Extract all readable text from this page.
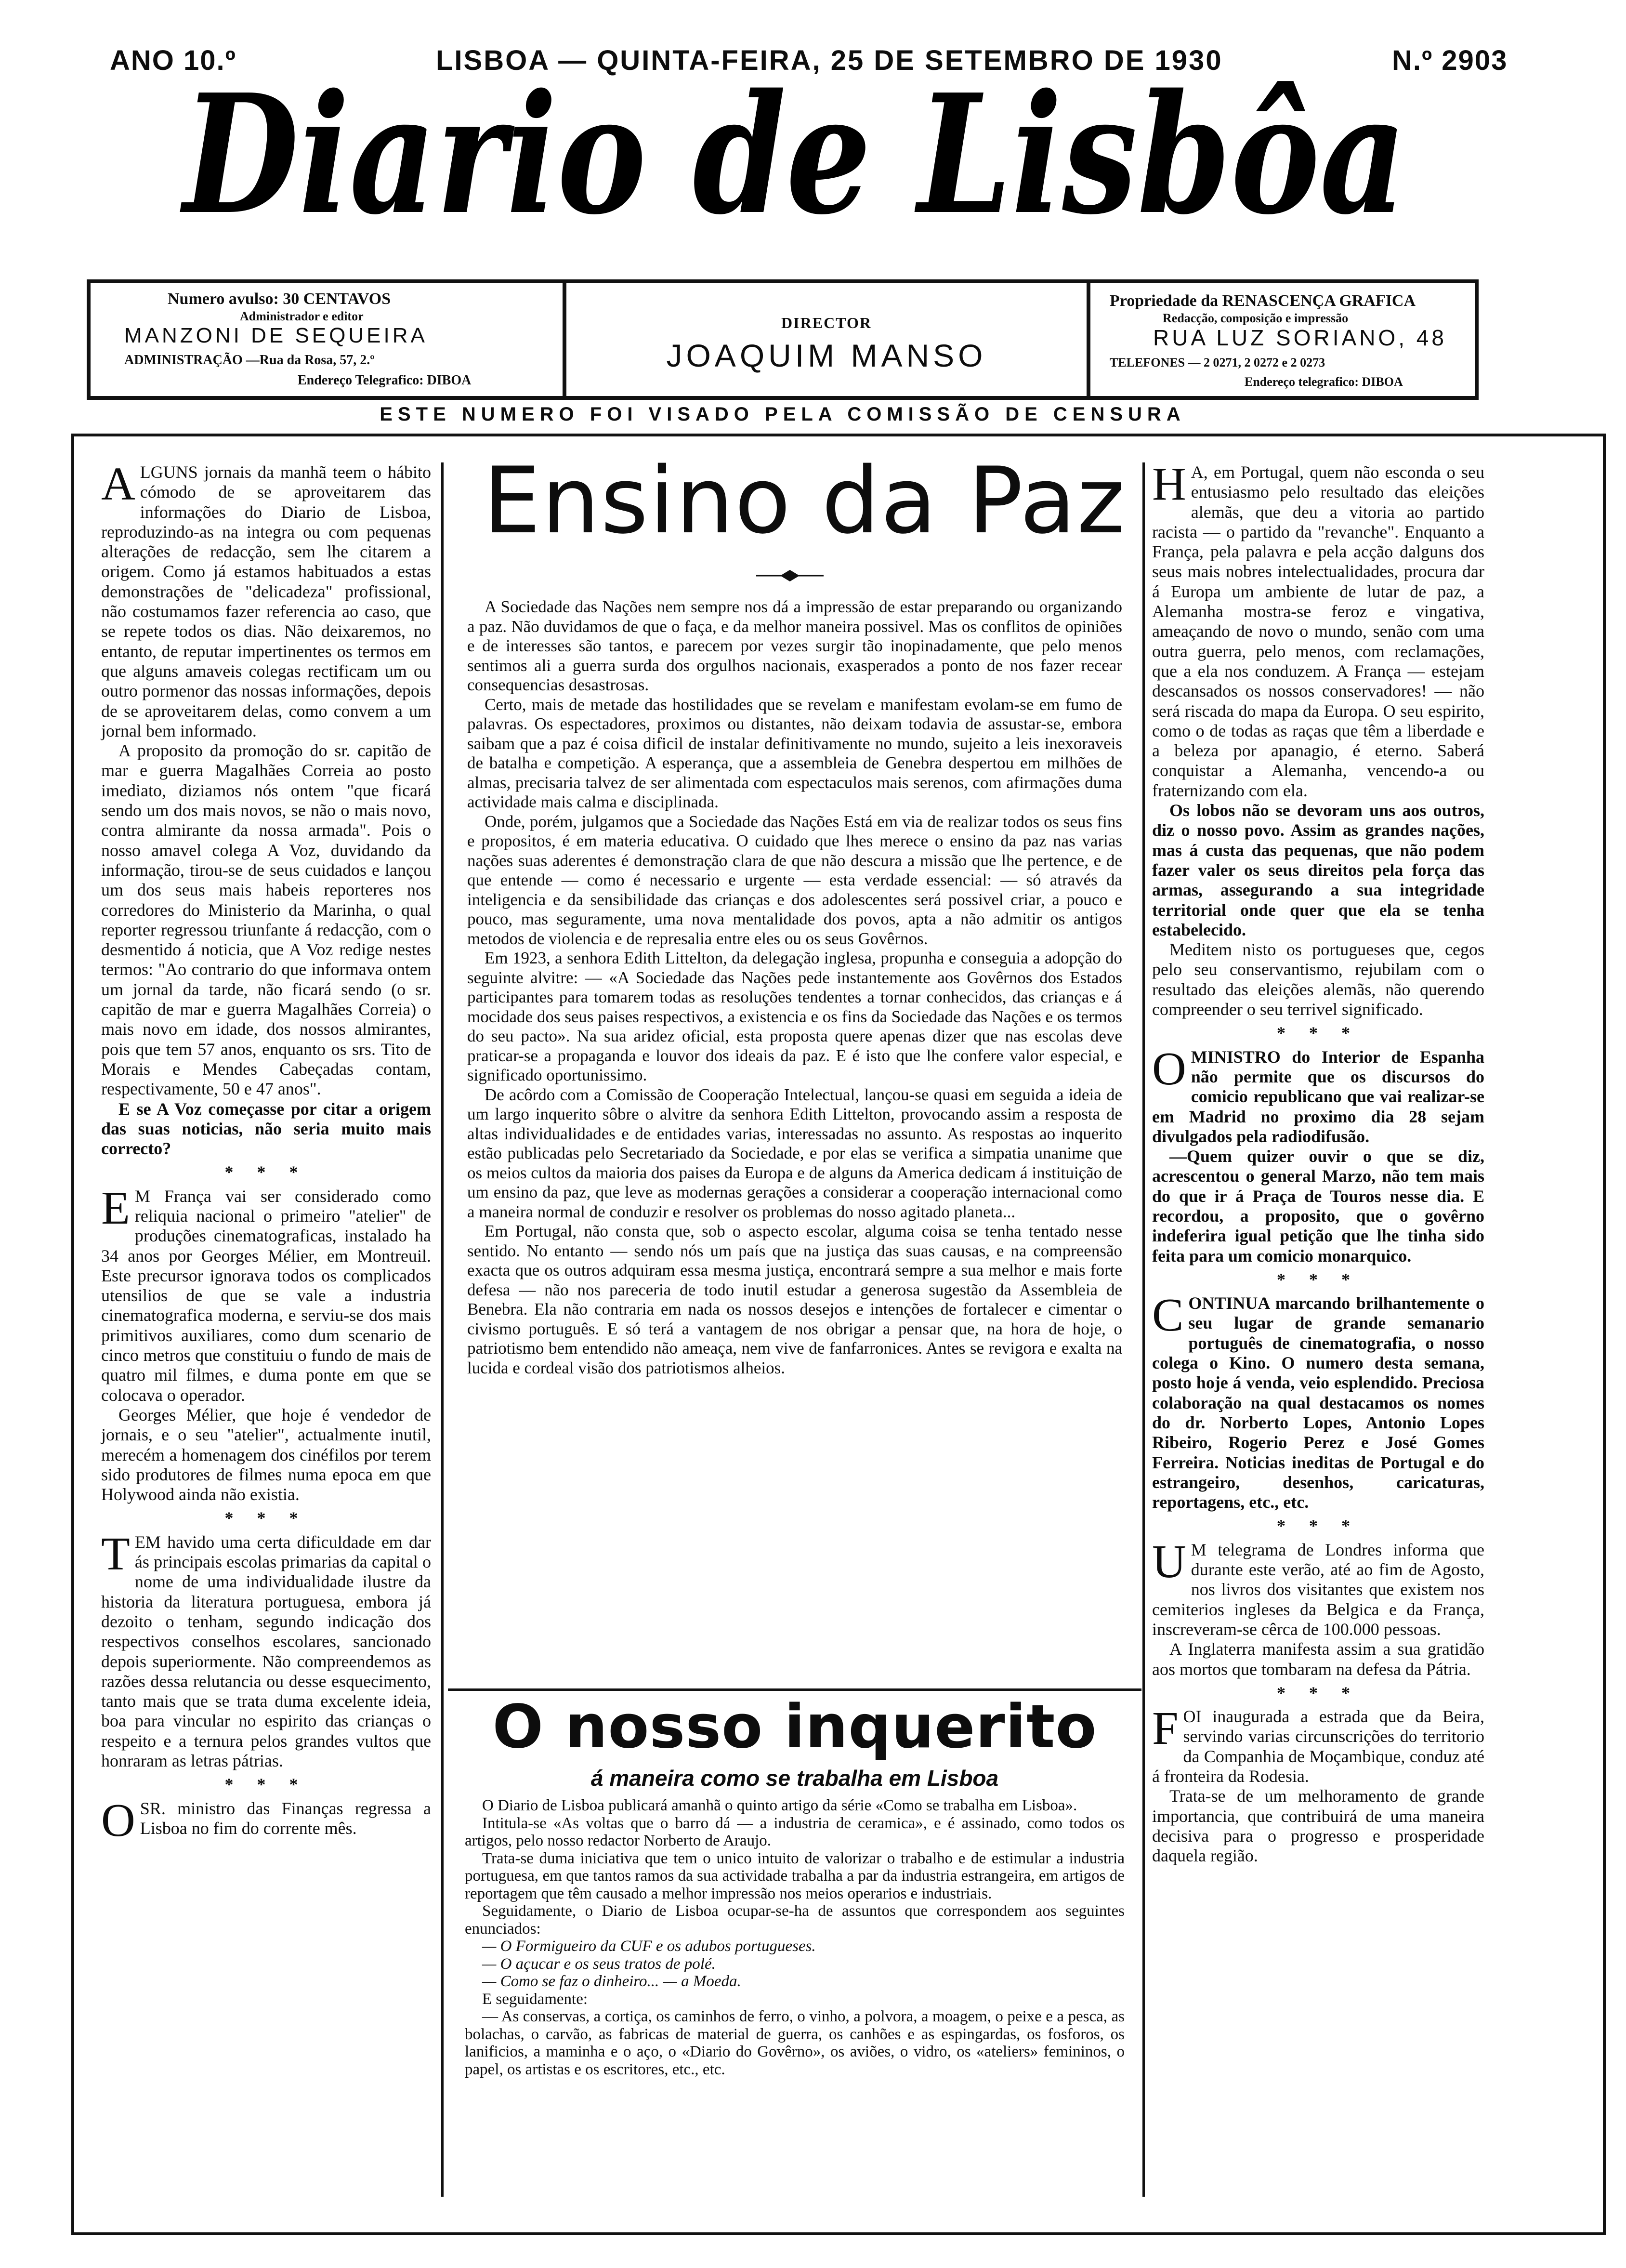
ANO 10.º	LISBOA — QUINTA-FEIRA, 25 DE SETEMBRO DE 1930	N.º 2903
Diario de Lisbôa
Numero avulso: 30 CENTAVOS
Administrador e editor
MANZONI DE SEQUEIRA
ADMINISTRAÇÃO —Rua da Rosa, 57, 2.º
Endereço Telegrafico: DIBOA
DIRECTOR
JOAQUIM MANSO
Propriedade da RENASCENÇA GRAFICA
Redacção, composição e impressão
RUA LUZ SORIANO, 48
TELEFONES — 2 0271, 2 0272 e 2 0273
Endereço telegrafico: DIBOA
ESTE NUMERO FOI VISADO PELA COMISSÃO DE CENSURA

ALGUNS jornais da manhã teem o hábito cómodo de se aproveitarem das informações do Diario de Lisboa, reproduzindo-as na integra ou com pequenas alterações de redacção, sem lhe citarem a origem. Como já estamos habituados a estas demonstrações de "delicadeza" profissional, não costumamos fazer referencia ao caso, que se repete todos os dias. Não deixaremos, no entanto, de reputar impertinentes os termos em que alguns amaveis colegas rectificam um ou outro pormenor das nossas informações, depois de se aproveitarem delas, como convem a um jornal bem informado.

A proposito da promoção do sr. capitão de mar e guerra Magalhães Correia ao posto imediato, diziamos nós ontem "que ficará sendo um dos mais novos, se não o mais novo, contra almirante da nossa armada". Pois o nosso amavel colega A Voz, duvidando da informação, tirou-se de seus cuidados e lançou um dos seus mais habeis reporteres nos corredores do Ministerio da Marinha, o qual reporter regressou triunfante á redacção, com o desmentido á noticia, que A Voz redige nestes termos: "Ao contrario do que informava ontem um jornal da tarde, não ficará sendo (o sr. capitão de mar e guerra Magalhães Correia) o mais novo em idade, dos nossos almirantes, pois que tem 57 anos, enquanto os srs. Tito de Morais e Mendes Cabeçadas contam, respectivamente, 50 e 47 anos".

E se A Voz começasse por citar a origem das suas noticias, não seria muito mais correcto?

* * *

E M França vai ser considerado como reliquia nacional o primeiro "atelier" de produções cinematograficas, instalado ha 34 anos por Georges Mélier, em Montreuil. Este precursor ignorava todos os complicados utensilios de que se vale a industria cinematografica moderna, e serviu-se dos mais primitivos auxiliares, como dum scenario de cinco metros que constituiu o fundo de mais de quatro mil filmes, e duma ponte em que se colocava o operador.

Georges Mélier, que hoje é vendedor de jornais, e o seu "atelier", actualmente inutil, merecém a homenagem dos cinéfilos por terem sido produtores de filmes numa epoca em que Holywood ainda não existia.

* * *

TEM havido uma certa dificuldade em dar ás principais escolas primarias da capital o nome de uma individualidade ilustre da historia da literatura portuguesa, embora já dezoito o tenham, segundo indicação dos respectivos conselhos escolares, sancionado depois superiormente. Não compreendemos as razões dessa relutancia ou desse esquecimento, tanto mais que se trata duma excelente ideia, boa para vincular no espirito das crianças o respeito e a ternura pelos grandes vultos que honraram as letras pátrias.

* * *

OSR. ministro das Finanças regressa a Lisboa no fim do corrente mês.

Ensino da Paz

A Sociedade das Nações nem sempre nos dá a impressão de estar preparando ou organizando a paz. Não duvidamos de que o faça, e da melhor maneira possivel. Mas os conflitos de opiniões e de interesses são tantos, e parecem por vezes surgir tão inopinadamente, que pelo menos sentimos ali a guerra surda dos orgulhos nacionais, exasperados a ponto de nos fazer recear consequencias desastrosas.

Certo, mais de metade das hostilidades que se revelam e manifestam evolam-se em fumo de palavras. Os espectadores, proximos ou distantes, não deixam todavia de assustar-se, embora saibam que a paz é coisa dificil de instalar definitivamente no mundo, sujeito a leis inexoraveis de batalha e competição. A esperança, que a assembleia de Genebra despertou em milhões de almas, precisaria talvez de ser alimentada com espectaculos mais serenos, com afirmações duma actividade mais calma e disciplinada.

Onde, porém, julgamos que a Sociedade das Nações Está em via de realizar todos os seus fins e propositos, é em materia educativa. O cuidado que lhes merece o ensino da paz nas varias nações suas aderentes é demonstração clara de que não descura a missão que lhe pertence, e de que entende — como é necessario e urgente — esta verdade essencial: — só através da inteligencia e da sensibilidade das crianças e dos adolescentes será possivel criar, a pouco e pouco, mas seguramente, uma nova mentalidade dos povos, apta a não admitir os antigos metodos de violencia e de represalia entre eles ou os seus Govêrnos.

Em 1923, a senhora Edith Littelton, da delegação inglesa, propunha e conseguia a adopção do seguinte alvitre: — «A Sociedade das Nações pede instantemente aos Govêrnos dos Estados participantes para tomarem todas as resoluções tendentes a tornar conhecidos, das crianças e á mocidade dos seus paises respectivos, a existencia e os fins da Sociedade das Nações e os termos do seu pacto». Na sua aridez oficial, esta proposta quere apenas dizer que nas escolas deve praticar-se a propaganda e louvor dos ideais da paz. E é isto que lhe confere valor especial, e significado oportunissimo.

De acôrdo com a Comissão de Cooperação Intelectual, lançou-se quasi em seguida a ideia de um largo inquerito sôbre o alvitre da senhora Edith Littelton, provocando assim a resposta de altas individualidades e de entidades varias, interessadas no assunto. As respostas ao inquerito estão publicadas pelo Secretariado da Sociedade, e por elas se verifica a simpatia unanime que os meios cultos da maioria dos paises da Europa e de alguns da America dedicam á instituição de um ensino da paz, que leve as modernas gerações a considerar a cooperação internacional como a maneira normal de conduzir e resolver os problemas do nosso agitado planeta...

Em Portugal, não consta que, sob o aspecto escolar, alguma coisa se tenha tentado nesse sentido. No entanto — sendo nós um país que na justiça das suas causas, e na compreensão exacta que os outros adquiram essa mesma justiça, encontrará sempre a sua melhor e mais forte defesa — não nos pareceria de todo inutil estudar a generosa sugestão da Assembleia de Benebra. Ela não contraria em nada os nossos desejos e intenções de fortalecer e cimentar o civismo português. E só terá a vantagem de nos obrigar a pensar que, na hora de hoje, o patriotismo bem entendido não ameaça, nem vive de fanfarronices. Antes se revigora e exalta na lucida e cordeal visão dos patriotismos alheios.

O nosso inquerito
á maneira como se trabalha em Lisboa

O Diario de Lisboa publicará amanhã o quinto artigo da série «Como se trabalha em Lisboa».

Intitula-se «As voltas que o barro dá — a industria de ceramica», e é assinado, como todos os artigos, pelo nosso redactor Norberto de Araujo.

Trata-se duma iniciativa que tem o unico intuito de valorizar o trabalho e de estimular a industria portuguesa, em que tantos ramos da sua actividade trabalha a par da industria estrangeira, em artigos de reportagem que têm causado a melhor impressão nos meios operarios e industriais.

Seguidamente, o Diario de Lisboa ocupar-se-ha de assuntos que correspondem aos seguintes enunciados:

— O Formigueiro da CUF e os adubos portugueses.

— O açucar e os seus tratos de polé.

— Como se faz o dinheiro... — a Moeda.

E seguidamente:

— As conservas, a cortiça, os caminhos de ferro, o vinho, a polvora, a moagem, o peixe e a pesca, as bolachas, o carvão, as fabricas de material de guerra, os canhões e as espingardas, os fosforos, os lanificios, a maminha e o aço, o «Diario do Govêrno», os aviões, o vidro, os «ateliers» femininos, o papel, os artistas e os escritores, etc., etc.

H A, em Portugal, quem não esconda o seu entusiasmo pelo resultado das eleições alemãs, que deu a vitoria ao partido racista — o partido da "revanche". Enquanto a França, pela palavra e pela acção dalguns dos seus mais nobres intelectualidades, procura dar á Europa um ambiente de lutar de paz, a Alemanha mostra-se feroz e vingativa, ameaçando de novo o mundo, senão com uma outra guerra, pelo menos, com reclamações, que a ela nos conduzem. A França — estejam descansados os nossos conservadores! — não será riscada do mapa da Europa. O seu espirito, como o de todas as raças que têm a liberdade e a beleza por apanagio, é eterno. Saberá conquistar a Alemanha, vencendo-a ou fraternizando com ela.

Os lobos não se devoram uns aos outros, diz o nosso povo. Assim as grandes nações, mas á custa das pequenas, que não podem fazer valer os seus direitos pela força das armas, assegurando a sua integridade territorial onde quer que ela se tenha estabelecido.

Meditem nisto os portugueses que, cegos pelo seu conservantismo, rejubilam com o resultado das eleições alemãs, não querendo compreender o seu terrivel significado.

* * *

OMINISTRO do Interior de Espanha não permite que os discursos do comicio republicano que vai realizar-se em Madrid no proximo dia 28 sejam divulgados pela radiodifusão.

—Quem quizer ouvir o que se diz, acrescentou o general Marzo, não tem mais do que ir á Praça de Touros nesse dia. E recordou, a proposito, que o govêrno indeferira igual petição que lhe tinha sido feita para um comicio monarquico.

* * *

CONTINUA marcando brilhantemente o seu lugar de grande semanario português de cinematografia, o nosso colega o Kino. O numero desta semana, posto hoje á venda, veio esplendido. Preciosa colaboração na qual destacamos os nomes do dr. Norberto Lopes, Antonio Lopes Ribeiro, Rogerio Perez e José Gomes Ferreira. Noticias ineditas de Portugal e do estrangeiro, desenhos, caricaturas, reportagens, etc., etc.

* * *

U M telegrama de Londres informa que durante este verão, até ao fim de Agosto, nos livros dos visitantes que existem nos cemiterios ingleses da Belgica e da França, inscreveram-se cêrca de 100.000 pessoas.

A Inglaterra manifesta assim a sua gratidão aos mortos que tombaram na defesa da Pátria.

* * *

FOI inaugurada a estrada que da Beira, servindo varias circunscrições do territorio da Companhia de Moçambique, conduz até á fronteira da Rodesia.

Trata-se de um melhoramento de grande importancia, que contribuirá de uma maneira decisiva para o progresso e prosperidade daquela região.
